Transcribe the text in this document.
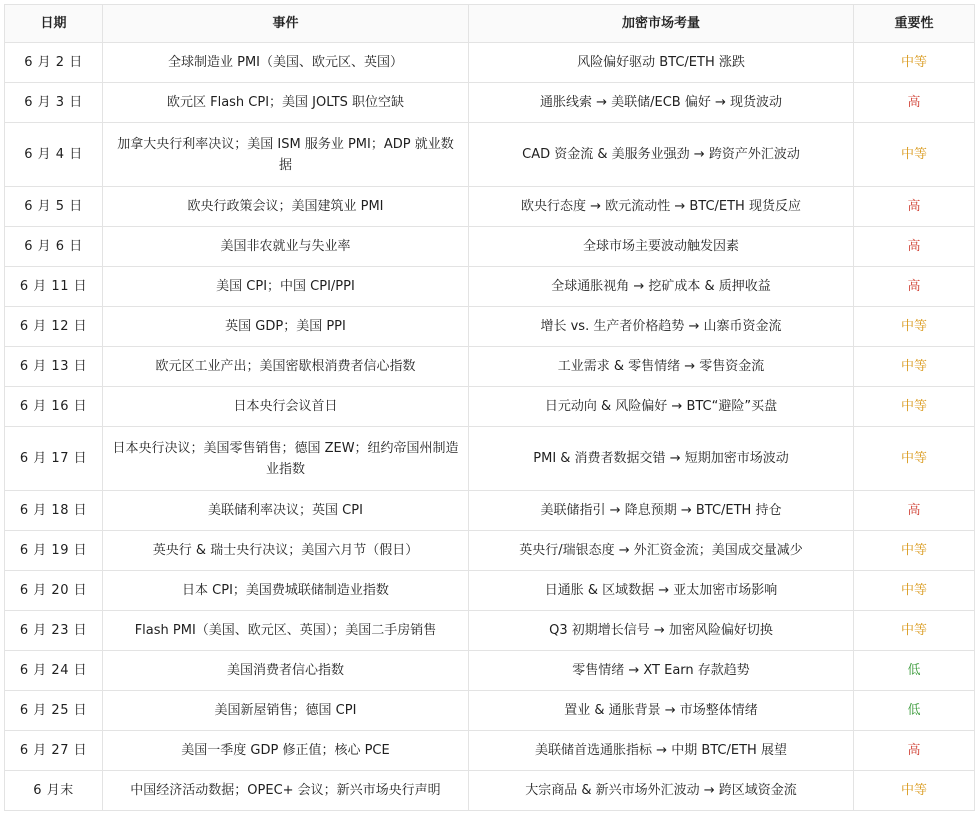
日期	事件	加密市场考量	重要性
6 月 2 日	全球制造业 PMI（美国、欧元区、英国）	风险偏好驱动 BTC/ETH 涨跌	中等
6 月 3 日	欧元区 Flash CPI；美国 JOLTS 职位空缺	通胀线索 → 美联储/ECB 偏好 → 现货波动	高
6 月 4 日	加拿大央行利率决议；美国 ISM 服务业 PMI；ADP 就业数据	CAD 资金流 & 美服务业强劲 → 跨资产外汇波动	中等
6 月 5 日	欧央行政策会议；美国建筑业 PMI	欧央行态度 → 欧元流动性 → BTC/ETH 现货反应	高
6 月 6 日	美国非农就业与失业率	全球市场主要波动触发因素	高
6 月 11 日	美国 CPI；中国 CPI/PPI	全球通胀视角 → 挖矿成本 & 质押收益	高
6 月 12 日	英国 GDP；美国 PPI	增长 vs. 生产者价格趋势 → 山寨币资金流	中等
6 月 13 日	欧元区工业产出；美国密歇根消费者信心指数	工业需求 & 零售情绪 → 零售资金流	中等
6 月 16 日	日本央行会议首日	日元动向 & 风险偏好 → BTC“避险”买盘	中等
6 月 17 日	日本央行决议；美国零售销售；德国 ZEW；纽约帝国州制造业指数	PMI & 消费者数据交错 → 短期加密市场波动	中等
6 月 18 日	美联储利率决议；英国 CPI	美联储指引 → 降息预期 → BTC/ETH 持仓	高
6 月 19 日	英央行 & 瑞士央行决议；美国六月节（假日）	英央行/瑞银态度 → 外汇资金流；美国成交量减少	中等
6 月 20 日	日本 CPI；美国费城联储制造业指数	日通胀 & 区域数据 → 亚太加密市场影响	中等
6 月 23 日	Flash PMI（美国、欧元区、英国）；美国二手房销售	Q3 初期增长信号 → 加密风险偏好切换	中等
6 月 24 日	美国消费者信心指数	零售情绪 → XT Earn 存款趋势	低
6 月 25 日	美国新屋销售；德国 CPI	置业 & 通胀背景 → 市场整体情绪	低
6 月 27 日	美国一季度 GDP 修正值；核心 PCE	美联储首选通胀指标 → 中期 BTC/ETH 展望	高
6 月末	中国经济活动数据；OPEC+ 会议；新兴市场央行声明	大宗商品 & 新兴市场外汇波动 → 跨区域资金流	中等
